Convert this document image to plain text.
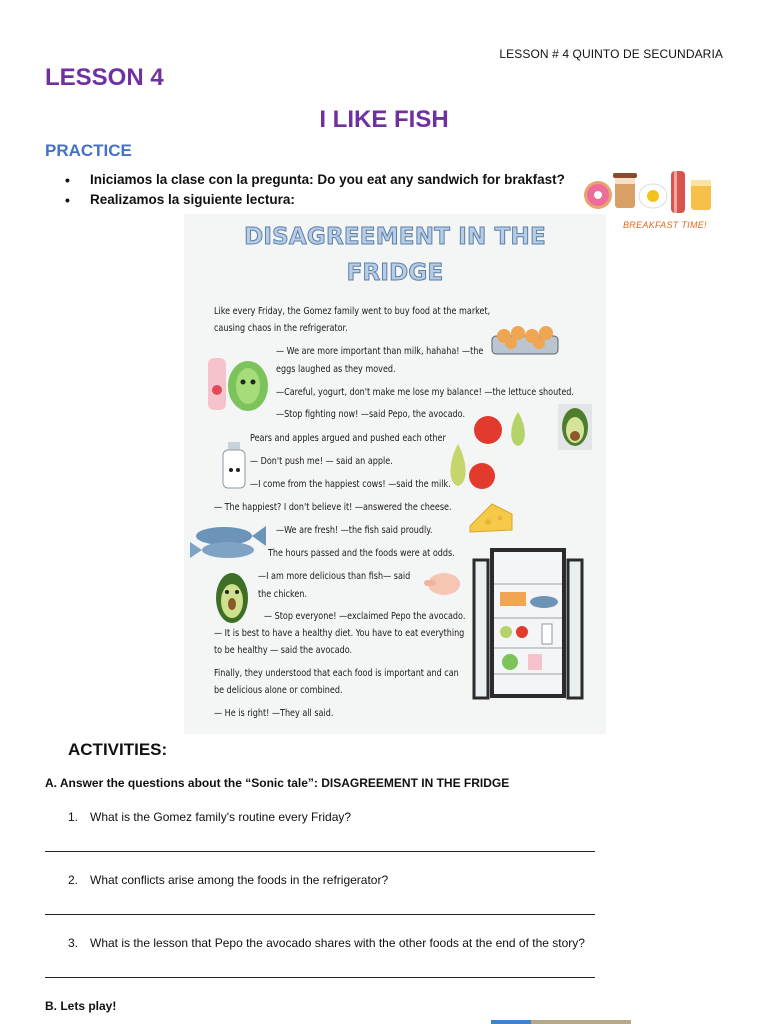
LESSON # 4 QUINTO DE SECUNDARIA
LESSON 4
I LIKE FISH
PRACTICE
• Iniciamos la clase con la pregunta: Do you eat any sandwich for brakfast?
• Realizamos la siguiente lectura:
BREAKFAST TIME!
DISAGREEMENT IN THE
FRIDGE
Like every Friday, the Gomez family went to buy food at the market,
causing chaos in the refrigerator.
— We are more important than milk, hahaha! —the
eggs laughed as they moved.
—Careful, yogurt, don't make me lose my balance! —the lettuce shouted.
—Stop fighting now! —said Pepo, the avocado.
Pears and apples argued and pushed each other
— Don't push me! — said an apple.
—I come from the happiest cows! —said the milk.
— The happiest? I don't believe it! —answered the cheese.
—We are fresh! —the fish said proudly.
The hours passed and the foods were at odds.
—I am more delicious than fish— said
the chicken.
— Stop everyone! —exclaimed Pepo the avocado.
— It is best to have a healthy diet. You have to eat everything
to be healthy — said the avocado.
Finally, they understood that each food is important and can
be delicious alone or combined.
— He is right! —They all said.
ACTIVITIES:
A. Answer the questions about the “Sonic tale”: DISAGREEMENT IN THE FRIDGE
1. What is the Gomez family's routine every Friday?
2. What conflicts arise among the foods in the refrigerator?
3. What is the lesson that Pepo the avocado shares with the other foods at the end of the story?
B. Lets play!
